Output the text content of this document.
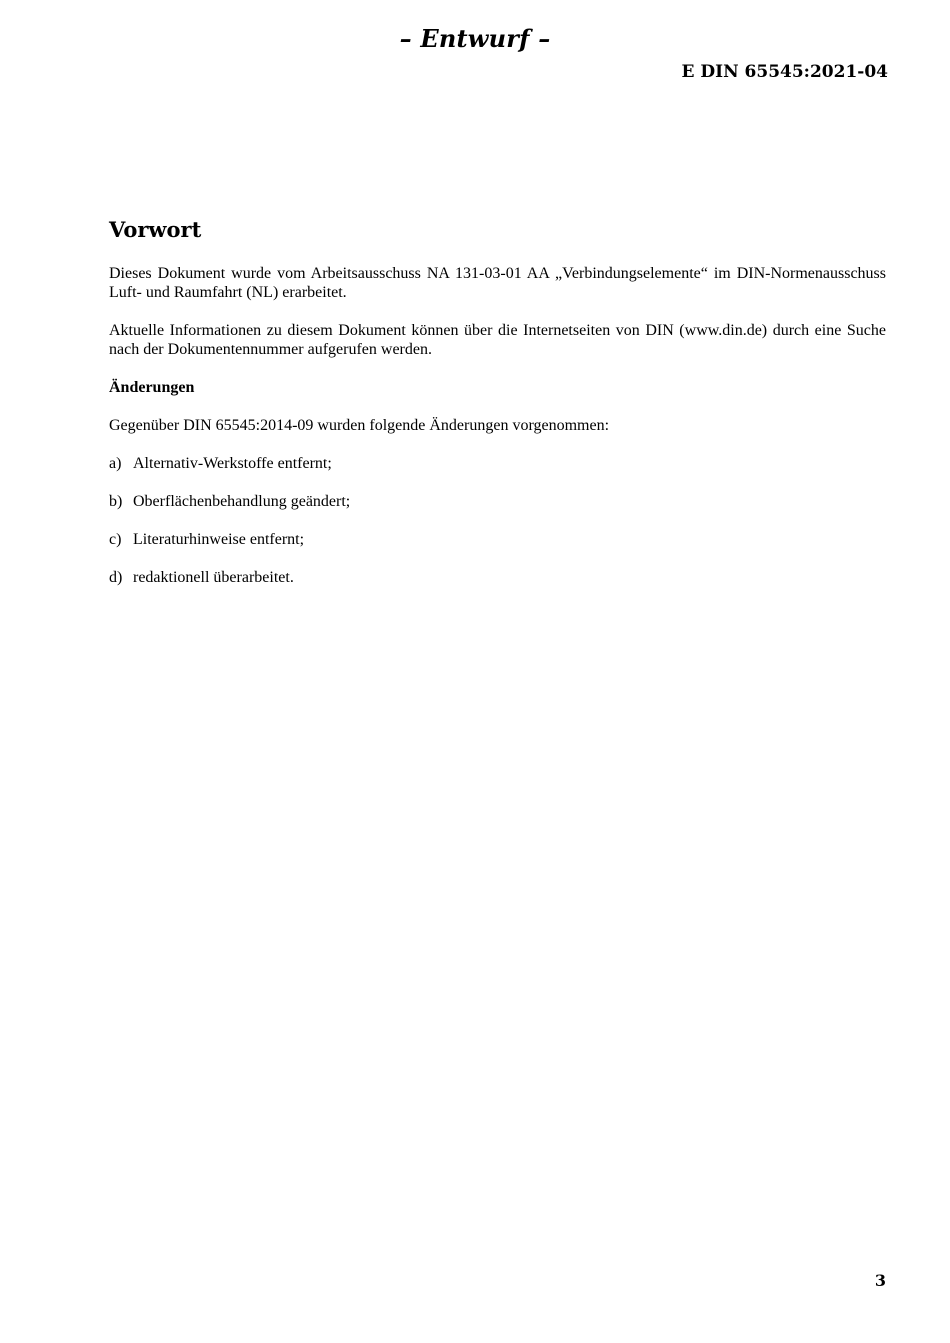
– Entwurf –
E DIN 65545:2021-04
Vorwort

Dieses Dokument wurde vom Arbeitsausschuss NA 131-03-01 AA „Verbindungselemente“ im DIN-Normenausschuss Luft- und Raumfahrt (NL) erarbeitet.

Aktuelle Informationen zu diesem Dokument können über die Internetseiten von DIN (www.din.de) durch eine Suche nach der Dokumentennummer aufgerufen werden.

Änderungen

Gegenüber DIN 65545:2014-09 wurden folgende Änderungen vorgenommen:

a) Alternativ-Werkstoffe entfernt;
b) Oberflächenbehandlung geändert;
c) Literaturhinweise entfernt;
d) redaktionell überarbeitet.
3
